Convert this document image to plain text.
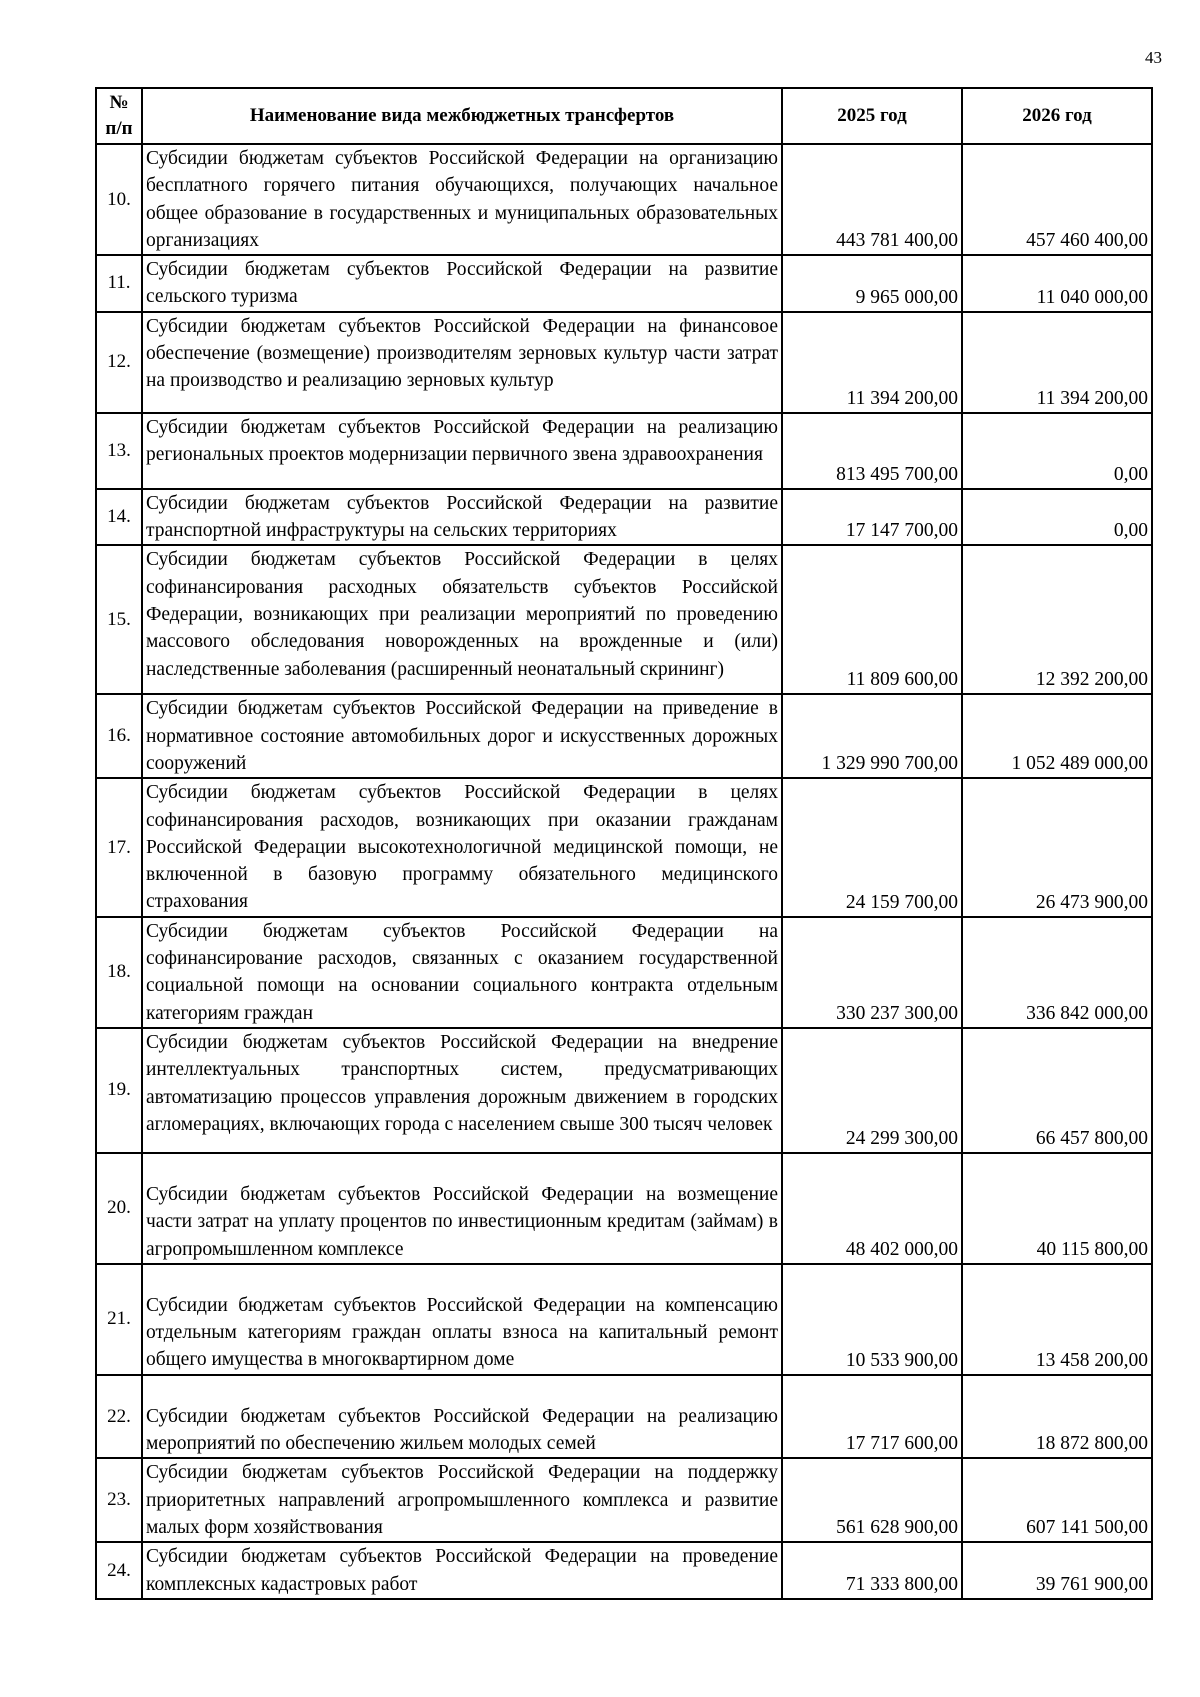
43
№
п/п	Наименование вида межбюджетных трансфертов	2025 год	2026 год
10.	Субсидии бюджетам субъектов Российской Федерации на организацию бесплатного горячего питания обучающихся, получающих начальное общее образование в государственных и муниципальных образовательных организациях	443 781 400,00	457 460 400,00
11.	Субсидии бюджетам субъектов Российской Федерации на развитие сельского туризма	9 965 000,00	11 040 000,00
12.	Субсидии бюджетам субъектов Российской Федерации на финансовое обеспечение (возмещение) производителям зерновых культур части затрат на производство и реализацию зерновых культур	11 394 200,00	11 394 200,00
13.	Субсидии бюджетам субъектов Российской Федерации на реализацию региональных проектов модернизации первичного звена здравоохранения	813 495 700,00	0,00
14.	Субсидии бюджетам субъектов Российской Федерации на развитие транспортной инфраструктуры на сельских территориях	17 147 700,00	0,00
15.	Субсидии бюджетам субъектов Российской Федерации в целях софинансирования расходных обязательств субъектов Российской Федерации, возникающих при реализации мероприятий по проведению массового обследования новорожденных на врожденные и (или) наследственные заболевания (расширенный неонатальный скрининг)	11 809 600,00	12 392 200,00
16.	Субсидии бюджетам субъектов Российской Федерации на приведение в нормативное состояние автомобильных дорог и искусственных дорожных сооружений	1 329 990 700,00	1 052 489 000,00
17.	Субсидии бюджетам субъектов Российской Федерации в целях софинансирования расходов, возникающих при оказании гражданам Российской Федерации высокотехнологичной медицинской помощи, не включенной в базовую программу обязательного медицинского страхования	24 159 700,00	26 473 900,00
18.	Субсидии бюджетам субъектов Российской Федерации на софинансирование расходов, связанных с оказанием государственной социальной помощи на основании социального контракта отдельным категориям граждан	330 237 300,00	336 842 000,00
19.	Субсидии бюджетам субъектов Российской Федерации на внедрение интеллектуальных транспортных систем, предусматривающих автоматизацию процессов управления дорожным движением в городских агломерациях, включающих города с населением свыше 300 тысяч человек	24 299 300,00	66 457 800,00
20.	Субсидии бюджетам субъектов Российской Федерации на возмещение части затрат на уплату процентов по инвестиционным кредитам (займам) в агропромышленном комплексе	48 402 000,00	40 115 800,00
21.	Субсидии бюджетам субъектов Российской Федерации на компенсацию отдельным категориям граждан оплаты взноса на капитальный ремонт общего имущества в многоквартирном доме	10 533 900,00	13 458 200,00
22.	Субсидии бюджетам субъектов Российской Федерации на реализацию мероприятий по обеспечению жильем молодых семей	17 717 600,00	18 872 800,00
23.	Субсидии бюджетам субъектов Российской Федерации на поддержку приоритетных направлений агропромышленного комплекса и развитие малых форм хозяйствования	561 628 900,00	607 141 500,00
24.	Субсидии бюджетам субъектов Российской Федерации на проведение комплексных кадастровых работ	71 333 800,00	39 761 900,00
